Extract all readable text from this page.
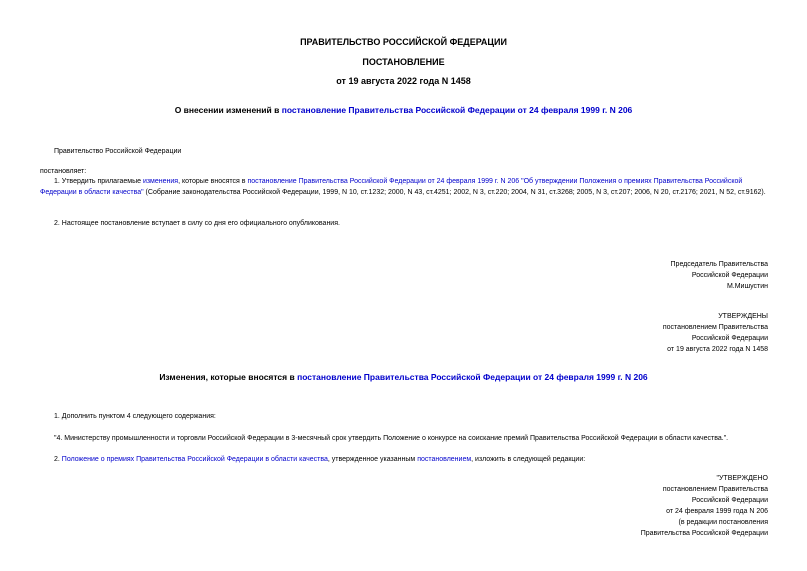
ПРАВИТЕЛЬСТВО РОССИЙСКОЙ ФЕДЕРАЦИИ
ПОСТАНОВЛЕНИЕ
от 19 августа 2022 года N 1458
О внесении изменений в постановление Правительства Российской Федерации от 24 февраля 1999 г. N 206
Правительство Российской Федерации
постановляет:
1. Утвердить прилагаемые изменения, которые вносятся в постановление Правительства Российской Федерации от 24 февраля 1999 г. N 206 "Об утверждении Положения о премиях Правительства Российской Федерации в области качества" (Собрание законодательства Российской Федерации, 1999, N 10, ст.1232; 2000, N 43, ст.4251; 2002, N 3, ст.220; 2004, N 31, ст.3268; 2005, N 3, ст.207; 2006, N 20, ст.2176; 2021, N 52, ст.9162).
2. Настоящее постановление вступает в силу со дня его официального опубликования.
Председатель Правительства
Российской Федерации
М.Мишустин
УТВЕРЖДЕНЫ
постановлением Правительства
Российской Федерации
от 19 августа 2022 года N 1458
Изменения, которые вносятся в постановление Правительства Российской Федерации от 24 февраля 1999 г. N 206
1. Дополнить пунктом 4 следующего содержания:
"4. Министерству промышленности и торговли Российской Федерации в 3-месячный срок утвердить Положение о конкурсе на соискание премий Правительства Российской Федерации в области качества.".
2. Положение о премиях Правительства Российской Федерации в области качества, утвержденное указанным постановлением, изложить в следующей редакции:
"УТВЕРЖДЕНО
постановлением Правительства
Российской Федерации
от 24 февраля 1999 года N 206
(в редакции постановления
Правительства Российской Федерации
